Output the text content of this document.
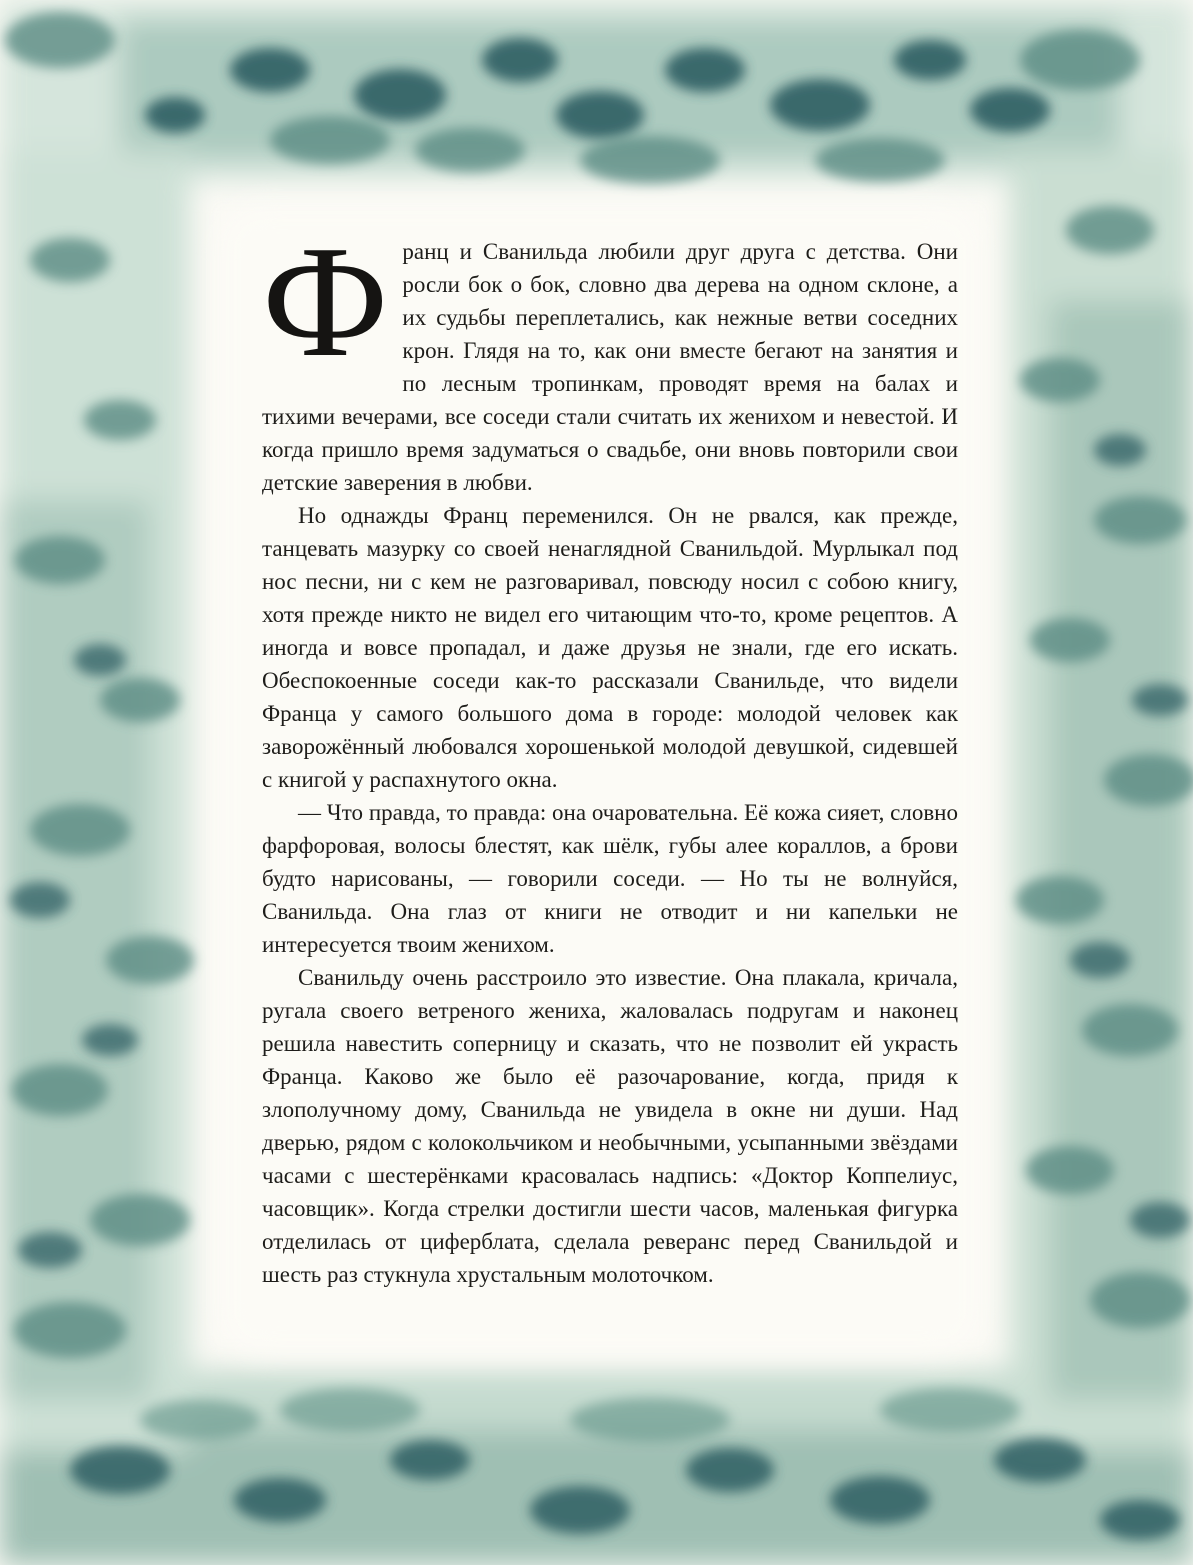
Франц и Сванильда любили друг друга с детства. Они росли бок о бок, словно два дерева на одном склоне, а их судьбы переплетались, как нежные ветви соседних крон. Глядя на то, как они вместе бегают на занятия и по лесным тропинкам, проводят время на балах и тихими вечерами, все соседи стали считать их женихом и невестой. И когда пришло время задуматься о свадьбе, они вновь повторили свои детские заверения в любви.

Но однажды Франц переменился. Он не рвался, как прежде, танцевать мазурку со своей ненаглядной Сванильдой. Мурлыкал под нос песни, ни с кем не разговаривал, повсюду носил с собою книгу, хотя прежде никто не видел его читающим что-то, кроме рецептов. А иногда и вовсе пропадал, и даже друзья не знали, где его искать. Обеспокоенные соседи как-то рассказали Сванильде, что видели Франца у самого большого дома в городе: молодой человек как заворожённый любовался хорошенькой молодой девушкой, сидевшей с книгой у распахнутого окна.

— Что правда, то правда: она очаровательна. Её кожа сияет, словно фарфоровая, волосы блестят, как шёлк, губы алее кораллов, а брови будто нарисованы, — говорили соседи. — Но ты не волнуйся, Сванильда. Она глаз от книги не отводит и ни капельки не интересуется твоим женихом.

Сванильду очень расстроило это известие. Она плакала, кричала, ругала своего ветреного жениха, жаловалась подругам и наконец решила навестить соперницу и сказать, что не позволит ей украсть Франца. Каково же было её разочарование, когда, придя к злополучному дому, Сванильда не увидела в окне ни души. Над дверью, рядом с колокольчиком и необычными, усыпанными звёздами часами с шестерёнками красовалась надпись: «Доктор Коппелиус, часовщик». Когда стрелки достигли шести часов, маленькая фигурка отделилась от циферблата, сделала реверанс перед Сванильдой и шесть раз стукнула хрустальным молоточком.
